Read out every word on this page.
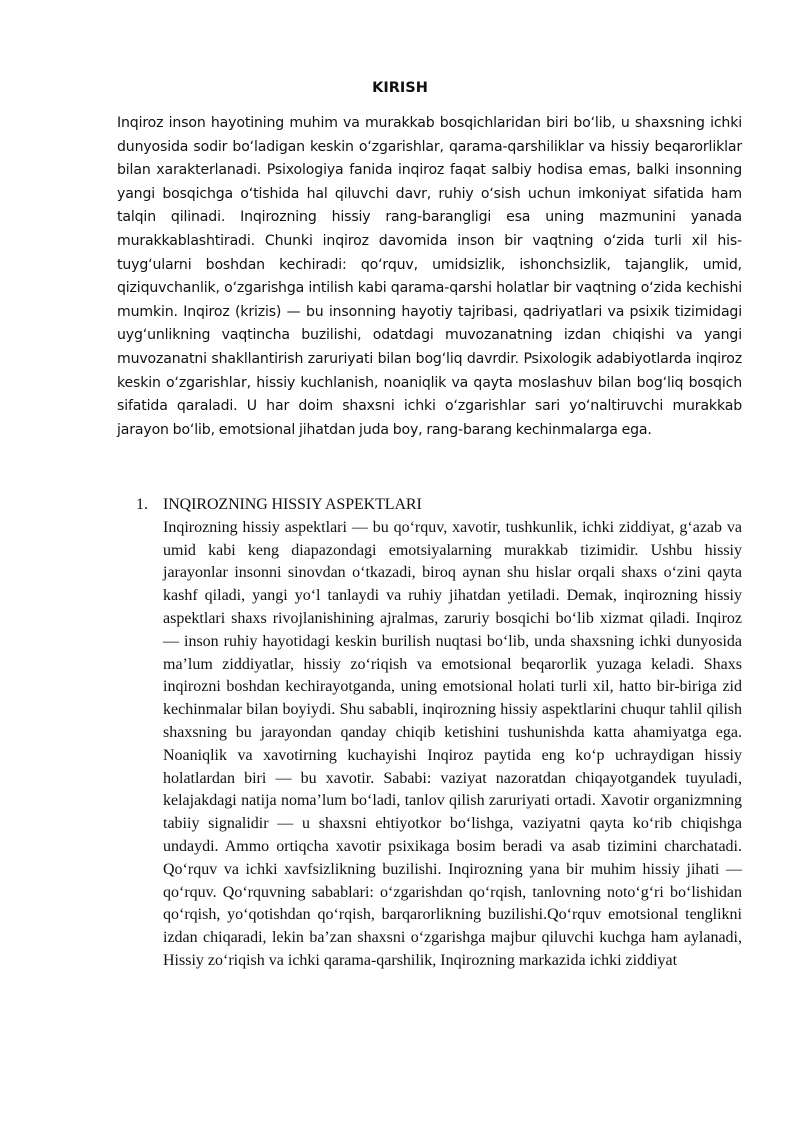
KIRISH

Inqiroz inson hayotining muhim va murakkab bosqichlaridan biri bo‘lib, u shaxsning ichki dunyosida sodir bo‘ladigan keskin o‘zgarishlar, qarama-qarshiliklar va hissiy beqarorliklar bilan xarakterlanadi. Psixologiya fanida inqiroz faqat salbiy hodisa emas, balki insonning yangi bosqichga o‘tishida hal qiluvchi davr, ruhiy o‘sish uchun imkoniyat sifatida ham talqin qilinadi. Inqirozning hissiy rang-barangligi esa uning mazmunini yanada murakkablashtiradi. Chunki inqiroz davomida inson bir vaqtning o‘zida turli xil his-tuyg‘ularni boshdan kechiradi: qo‘rquv, umidsizlik, ishonchsizlik, tajanglik, umid, qiziquvchanlik, o‘zgarishga intilish kabi qarama-qarshi holatlar bir vaqtning o‘zida kechishi mumkin. Inqiroz (krizis) — bu insonning hayotiy tajribasi, qadriyatlari va psixik tizimidagi uyg‘unlikning vaqtincha buzilishi, odatdagi muvozanatning izdan chiqishi va yangi muvozanatni shakllantirish zaruriyati bilan bog‘liq davrdir. Psixologik adabiyotlarda inqiroz keskin o‘zgarishlar, hissiy kuchlanish, noaniqlik va qayta moslashuv bilan bog‘liq bosqich sifatida qaraladi. U har doim shaxsni ichki o‘zgarishlar sari yo‘naltiruvchi murakkab jarayon bo‘lib, emotsional jihatdan juda boy, rang-barang kechinmalarga ega.

1. INQIROZNING HISSIY ASPEKTLARI
Inqirozning hissiy aspektlari — bu qo‘rquv, xavotir, tushkunlik, ichki ziddiyat, g‘azab va umid kabi keng diapazondagi emotsiyalarning murakkab tizimidir. Ushbu hissiy jarayonlar insonni sinovdan o‘tkazadi, biroq aynan shu hislar orqali shaxs o‘zini qayta kashf qiladi, yangi yo‘l tanlaydi va ruhiy jihatdan yetiladi. Demak, inqirozning hissiy aspektlari shaxs rivojlanishining ajralmas, zaruriy bosqichi bo‘lib xizmat qiladi. Inqiroz — inson ruhiy hayotidagi keskin burilish nuqtasi bo‘lib, unda shaxsning ichki dunyosida ma’lum ziddiyatlar, hissiy zo‘riqish va emotsional beqarorlik yuzaga keladi. Shaxs inqirozni boshdan kechirayotganda, uning emotsional holati turli xil, hatto bir-biriga zid kechinmalar bilan boyiydi. Shu sababli, inqirozning hissiy aspektlarini chuqur tahlil qilish shaxsning bu jarayondan qanday chiqib ketishini tushunishda katta ahamiyatga ega. Noaniqlik va xavotirning kuchayishi Inqiroz paytida eng ko‘p uchraydigan hissiy holatlardan biri — bu xavotir. Sababi: vaziyat nazoratdan chiqayotgandek tuyuladi, kelajakdagi natija noma’lum bo‘ladi, tanlov qilish zaruriyati ortadi. Xavotir organizmning tabiiy signalidir — u shaxsni ehtiyotkor bo‘lishga, vaziyatni qayta ko‘rib chiqishga undaydi. Ammo ortiqcha xavotir psixikaga bosim beradi va asab tizimini charchatadi. Qo‘rquv va ichki xavfsizlikning buzilishi. Inqirozning yana bir muhim hissiy jihati — qo‘rquv. Qo‘rquvning sabablari: o‘zgarishdan qo‘rqish, tanlovning noto‘g‘ri bo‘lishidan qo‘rqish, yo‘qotishdan qo‘rqish, barqarorlikning buzilishi.Qo‘rquv emotsional tenglikni izdan chiqaradi, lekin ba’zan shaxsni o‘zgarishga majbur qiluvchi kuchga ham aylanadi, Hissiy zo‘riqish va ichki qarama-qarshilik, Inqirozning markazida ichki ziddiyat
